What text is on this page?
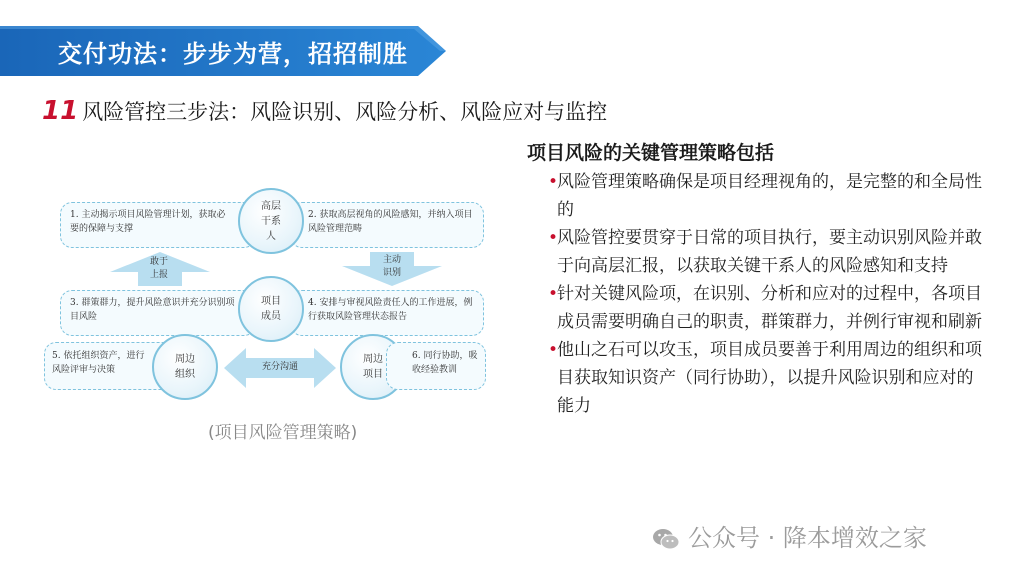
交付功法：步步为营，招招制胜
11 风险管控三步法：风险识别、风险分析、风险应对与监控
1. 主动揭示项目风险管理计划，获取必要的保障与支撑
2. 获取高层视角的风险感知，并纳入项目风险管理范畴
高层干系人
敢于上报
主动识别
3. 群策群力，提升风险意识并充分识别项目风险
4. 安排与审视风险责任人的工作进展，例行获取风险管理状态报告
项目成员
5. 依托组织资产，进行风险评审与决策
周边组织
充分沟通
周边项目
6. 同行协助，吸收经验教训
(项目风险管理策略)
项目风险的关键管理策略包括
•
风险管理策略确保是项目经理视角的，是完整的和全局性的
•
风险管控要贯穿于日常的项目执行，要主动识别风险并敢于向高层汇报，以获取关键干系人的风险感知和支持
•
针对关键风险项，在识别、分析和应对的过程中，各项目成员需要明确自己的职责，群策群力，并例行审视和刷新
•
他山之石可以攻玉，项目成员要善于利用周边的组织和项目获取知识资产（同行协助），以提升风险识别和应对的能力
公众号 · 降本增效之家
